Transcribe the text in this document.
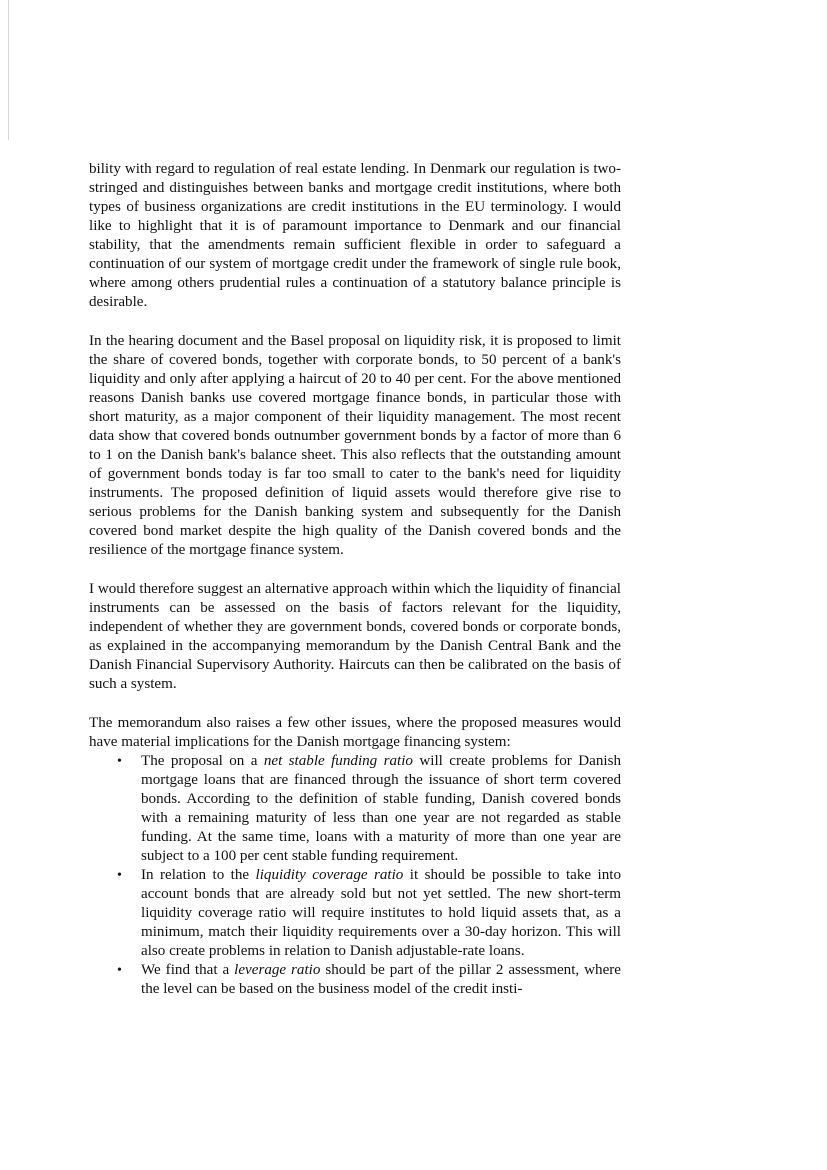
bility with regard to regulation of real estate lending. In Denmark our regulation is two-stringed and distinguishes between banks and mortgage credit institutions, where both types of business organizations are credit institutions in the EU terminology. I would like to highlight that it is of paramount importance to Denmark and our financial stability, that the amendments remain sufficient flexible in order to safeguard a continuation of our system of mortgage credit under the framework of single rule book, where among others prudential rules a continuation of a statutory balance principle is desirable.

In the hearing document and the Basel proposal on liquidity risk, it is proposed to limit the share of covered bonds, together with corporate bonds, to 50 percent of a bank's liquidity and only after applying a haircut of 20 to 40 per cent. For the above mentioned reasons Danish banks use covered mortgage finance bonds, in particular those with short maturity, as a major component of their liquidity management. The most recent data show that covered bonds outnumber government bonds by a factor of more than 6 to 1 on the Danish bank's balance sheet. This also reflects that the outstanding amount of government bonds today is far too small to cater to the bank's need for liquidity instruments. The proposed definition of liquid assets would therefore give rise to serious problems for the Danish banking system and subsequently for the Danish covered bond market despite the high quality of the Danish covered bonds and the resilience of the mortgage finance system.

I would therefore suggest an alternative approach within which the liquidity of financial instruments can be assessed on the basis of factors relevant for the liquidity, independent of whether they are government bonds, covered bonds or corporate bonds, as explained in the accompanying memorandum by the Danish Central Bank and the Danish Financial Supervisory Authority. Haircuts can then be calibrated on the basis of such a system.

The memorandum also raises a few other issues, where the proposed measures would have material implications for the Danish mortgage financing system:

• The proposal on a net stable funding ratio will create problems for Danish mortgage loans that are financed through the issuance of short term covered bonds. According to the definition of stable funding, Danish covered bonds with a remaining maturity of less than one year are not regarded as stable funding. At the same time, loans with a maturity of more than one year are subject to a 100 per cent stable funding requirement.
• In relation to the liquidity coverage ratio it should be possible to take into account bonds that are already sold but not yet settled. The new short-term liquidity coverage ratio will require institutes to hold liquid assets that, as a minimum, match their liquidity requirements over a 30-day horizon. This will also create problems in relation to Danish adjustable-rate loans.
• We find that a leverage ratio should be part of the pillar 2 assessment, where the level can be based on the business model of the credit insti-
